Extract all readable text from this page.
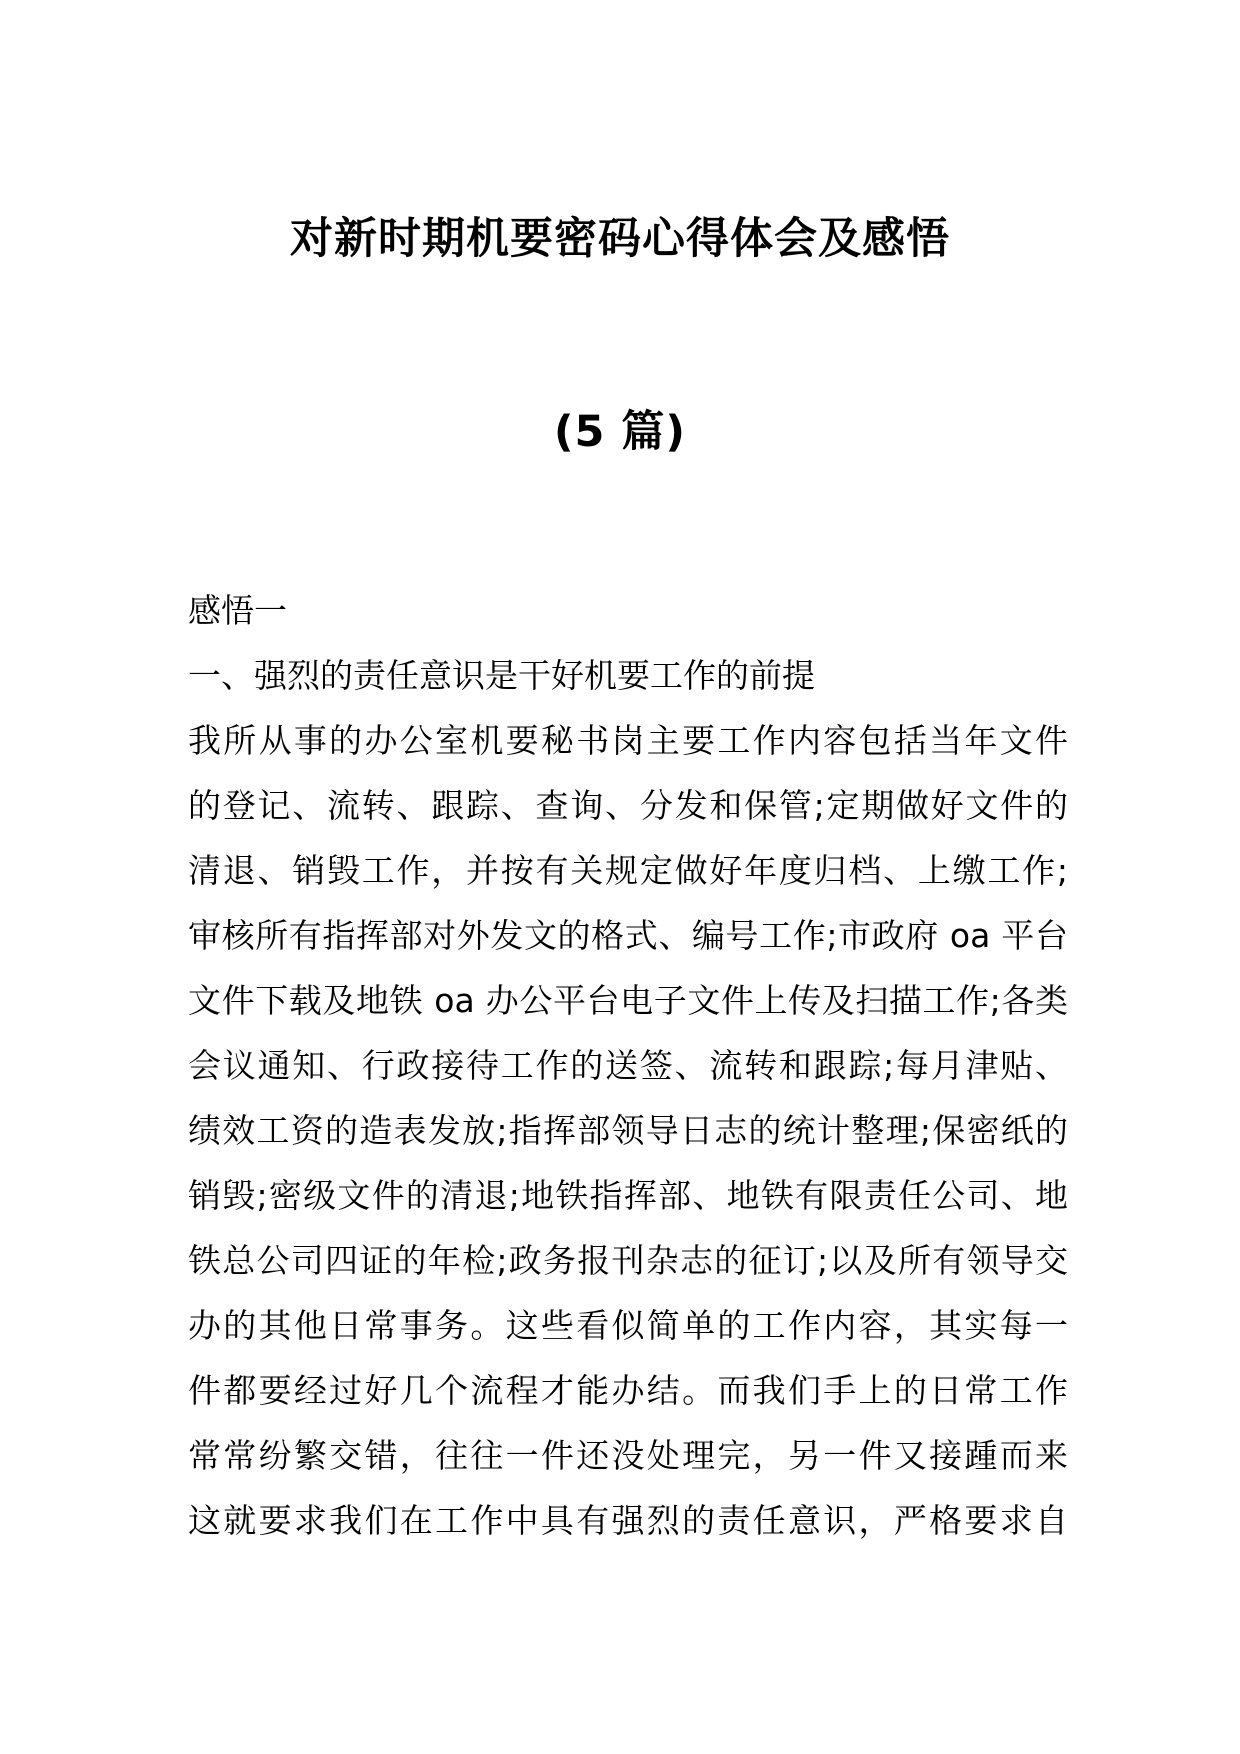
对新时期机要密码心得体会及感悟
(5 篇)
感悟一
一、强烈的责任意识是干好机要工作的前提
我所从事的办公室机要秘书岗主要工作内容包括当年文件
的登记、流转、跟踪、查询、分发和保管;定期做好文件的
清退、销毁工作，并按有关规定做好年度归档、上缴工作;
审核所有指挥部对外发文的格式、编号工作;市政府 oa 平台
文件下载及地铁 oa 办公平台电子文件上传及扫描工作;各类
会议通知、行政接待工作的送签、流转和跟踪;每月津贴、
绩效工资的造表发放;指挥部领导日志的统计整理;保密纸的
销毁;密级文件的清退;地铁指挥部、地铁有限责任公司、地
铁总公司四证的年检;政务报刊杂志的征订;以及所有领导交
办的其他日常事务。这些看似简单的工作内容，其实每一
件都要经过好几个流程才能办结。而我们手上的日常工作
常常纷繁交错，往往一件还没处理完，另一件又接踵而来
这就要求我们在工作中具有强烈的责任意识，严格要求自
